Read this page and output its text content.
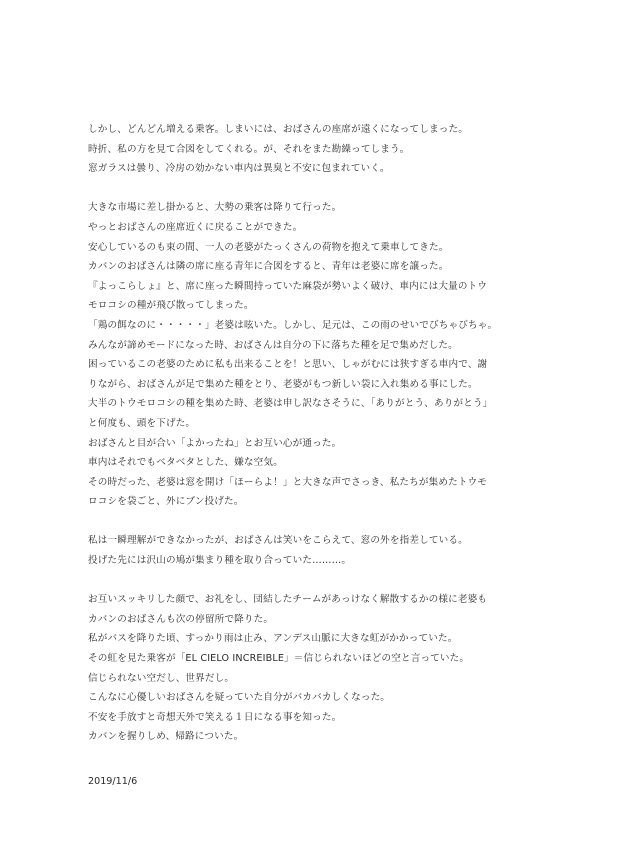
しかし、どんどん増える乗客。しまいには、おばさんの座席が遠くになってしまった。
時折、私の方を見て合図をしてくれる。が、それをまた勘繰ってしまう。
窓ガラスは曇り、冷房の効かない車内は異臭と不安に包まれていく。

大きな市場に差し掛かると、大勢の乗客は降りて行った。
やっとおばさんの座席近くに戻ることができた。
安心しているのも束の間、一人の老婆がたっくさんの荷物を抱えて乗車してきた。
カバンのおばさんは隣の席に座る青年に合図をすると、青年は老婆に席を譲った。
『よっこらしょ』と、席に座った瞬間持っていた麻袋が勢いよく破け、車内には大量のトウ
モロコシの種が飛び散ってしまった。
「鶏の餌なのに・・・・・」老婆は呟いた。しかし、足元は、この雨のせいでびちゃびちゃ。
みんなが諦めモードになった時、おばさんは自分の下に落ちた種を足で集めだした。
困っているこの老婆のために私も出来ることを！と思い、しゃがむには狭すぎる車内で、謝
りながら、おばさんが足で集めた種をとり、老婆がもつ新しい袋に入れ集める事にした。
大半のトウモロコシの種を集めた時、老婆は申し訳なさそうに、｢ありがとう、ありがとう｣
と何度も、頭を下げた。
おばさんと目が合い「よかったね」とお互い心が通った。
車内はそれでもベタベタとした、嫌な空気。
その時だった、老婆は窓を開け「ほーらよ！」と大きな声でさっき、私たちが集めたトウモ
ロコシを袋ごと、外にブン投げた。

私は一瞬理解ができなかったが、おばさんは笑いをこらえて、窓の外を指差している。
投げた先には沢山の鳩が集まり種を取り合っていた………。

お互いスッキリした顔で、お礼をし、団結したチームがあっけなく解散するかの様に老婆も
カバンのおばさんも次の停留所で降りた。
私がバスを降りた頃、すっかり雨は止み、アンデス山脈に大きな虹がかかっていた。
その虹を見た乗客が「EL CIELO INCREIBLE」＝信じられないほどの空と言っていた。
信じられない空だし、世界だし。
こんなに心優しいおばさんを疑っていた自分がバカバカしくなった。
不安を手放すと奇想天外で笑える１日になる事を知った。
カバンを握りしめ、帰路についた。

2019/11/6
